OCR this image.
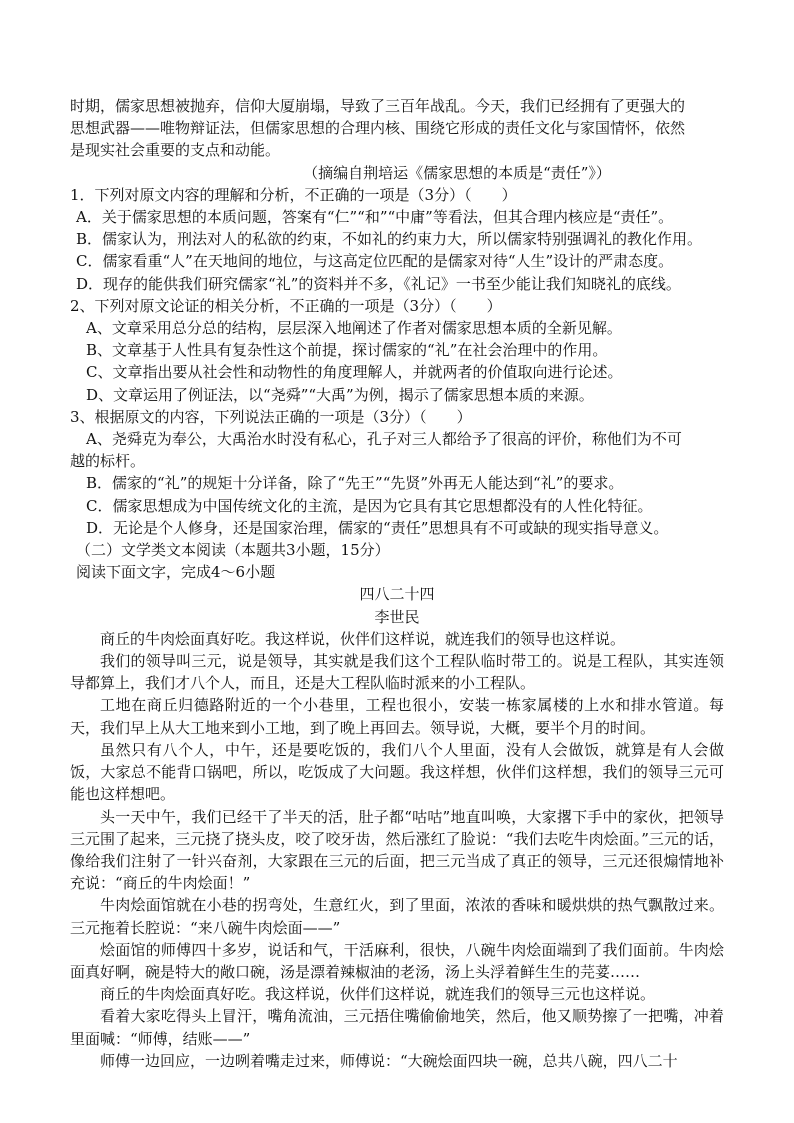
时期，儒家思想被抛弃，信仰大厦崩塌，导致了三百年战乱。今天，我们已经拥有了更强大的

思想武器——唯物辩证法，但儒家思想的合理内核、围绕它形成的责任文化与家国情怀，依然

是现实社会重要的支点和动能。

（摘编自荆培运《儒家思想的本质是“责任”》）

1．下列对原文内容的理解和分析，不正确的一项是（3分）（　　）

A．关于儒家思想的本质问题，答案有“仁”“和”“中庸”等看法，但其合理内核应是“责任”。

B．儒家认为，刑法对人的私欲的约束，不如礼的约束力大，所以儒家特别强调礼的教化作用。

C．儒家看重“人”在天地间的地位，与这高定位匹配的是儒家对待“人生”设计的严肃态度。

D．现存的能供我们研究儒家“礼”的资料并不多，《礼记》一书至少能让我们知晓礼的底线。

2、下列对原文论证的相关分析，不正确的一项是（3分）（　　）

A、文章采用总分总的结构，层层深入地阐述了作者对儒家思想本质的全新见解。

B、文章基于人性具有复杂性这个前提，探讨儒家的“礼”在社会治理中的作用。

C、文章指出要从社会性和动物性的角度理解人，并就两者的价值取向进行论述。

D、文章运用了例证法，以“尧舜”“大禹”为例，揭示了儒家思想本质的来源。

3、根据原文的内容，下列说法正确的一项是（3分）（　　）

A、尧舜克为奉公，大禹治水时没有私心，孔子对三人都给予了很高的评价，称他们为不可

越的标杆。

B．儒家的“礼”的规矩十分详备，除了“先王”“先贤”外再无人能达到“礼”的要求。

C．儒家思想成为中国传统文化的主流，是因为它具有其它思想都没有的人性化特征。

D．无论是个人修身，还是国家治理，儒家的“责任”思想具有不可或缺的现实指导意义。

（二）文学类文本阅读（本题共3小题，15分）

阅读下面文字，完成4～6小题

四八二十四

李世民

商丘的牛肉烩面真好吃。我这样说，伙伴们这样说，就连我们的领导也这样说。

我们的领导叫三元，说是领导，其实就是我们这个工程队临时带工的。说是工程队，其实连领导都算上，我们才八个人，而且，还是大工程队临时派来的小工程队。

工地在商丘归德路附近的一个小巷里，工程也很小，安装一栋家属楼的上水和排水管道。每天，我们早上从大工地来到小工地，到了晚上再回去。领导说，大概，要半个月的时间。

虽然只有八个人，中午，还是要吃饭的，我们八个人里面，没有人会做饭，就算是有人会做饭，大家总不能背口锅吧，所以，吃饭成了大问题。我这样想，伙伴们这样想，我们的领导三元可能也这样想吧。

头一天中午，我们已经干了半天的活，肚子都“咕咕”地直叫唤，大家撂下手中的家伙，把领导三元围了起来，三元挠了挠头皮，咬了咬牙齿，然后涨红了脸说：“我们去吃牛肉烩面。”三元的话，像给我们注射了一针兴奋剂，大家跟在三元的后面，把三元当成了真正的领导，三元还很煽情地补充说：“商丘的牛肉烩面！”

牛肉烩面馆就在小巷的拐弯处，生意红火，到了里面，浓浓的香味和暖烘烘的热气飘散过来。三元拖着长腔说：“来八碗牛肉烩面——”

烩面馆的师傅四十多岁，说话和气，干活麻利，很快，八碗牛肉烩面端到了我们面前。牛肉烩面真好啊，碗是特大的敞口碗，汤是漂着辣椒油的老汤，汤上头浮着鲜生生的芫荽……

商丘的牛肉烩面真好吃。我这样说，伙伴们这样说，就连我们的领导三元也这样说。

看着大家吃得头上冒汗，嘴角流油，三元捂住嘴偷偷地笑，然后，他又顺势擦了一把嘴，冲着里面喊：“师傅，结账——”

师傅一边回应，一边咧着嘴走过来，师傅说：“大碗烩面四块一碗，总共八碗，四八二十
